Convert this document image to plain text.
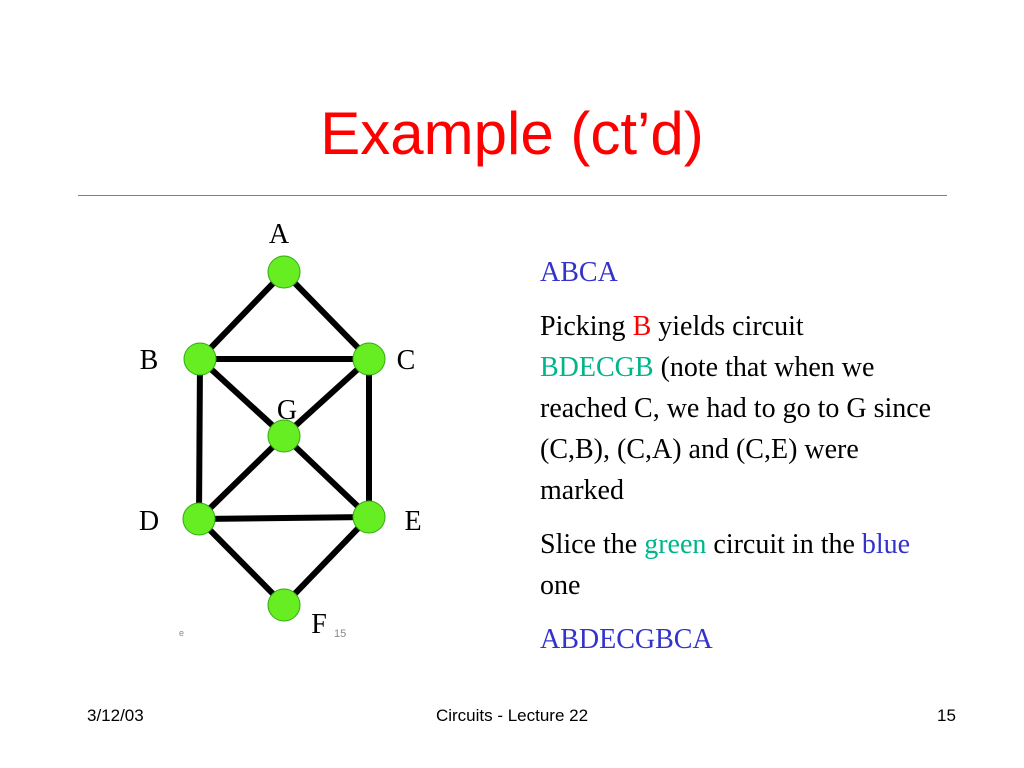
Example (ct’d)
A
B	C
G
D	E
F 15
e

ABCA

Picking B yields circuit
BDECGB (note that when we reached C, we had to go to G since (C,B), (C,A) and (C,E) were marked

Slice the green circuit in the blue one

ABDECGBCA

3/12/03	Circuits - Lecture 22	15
